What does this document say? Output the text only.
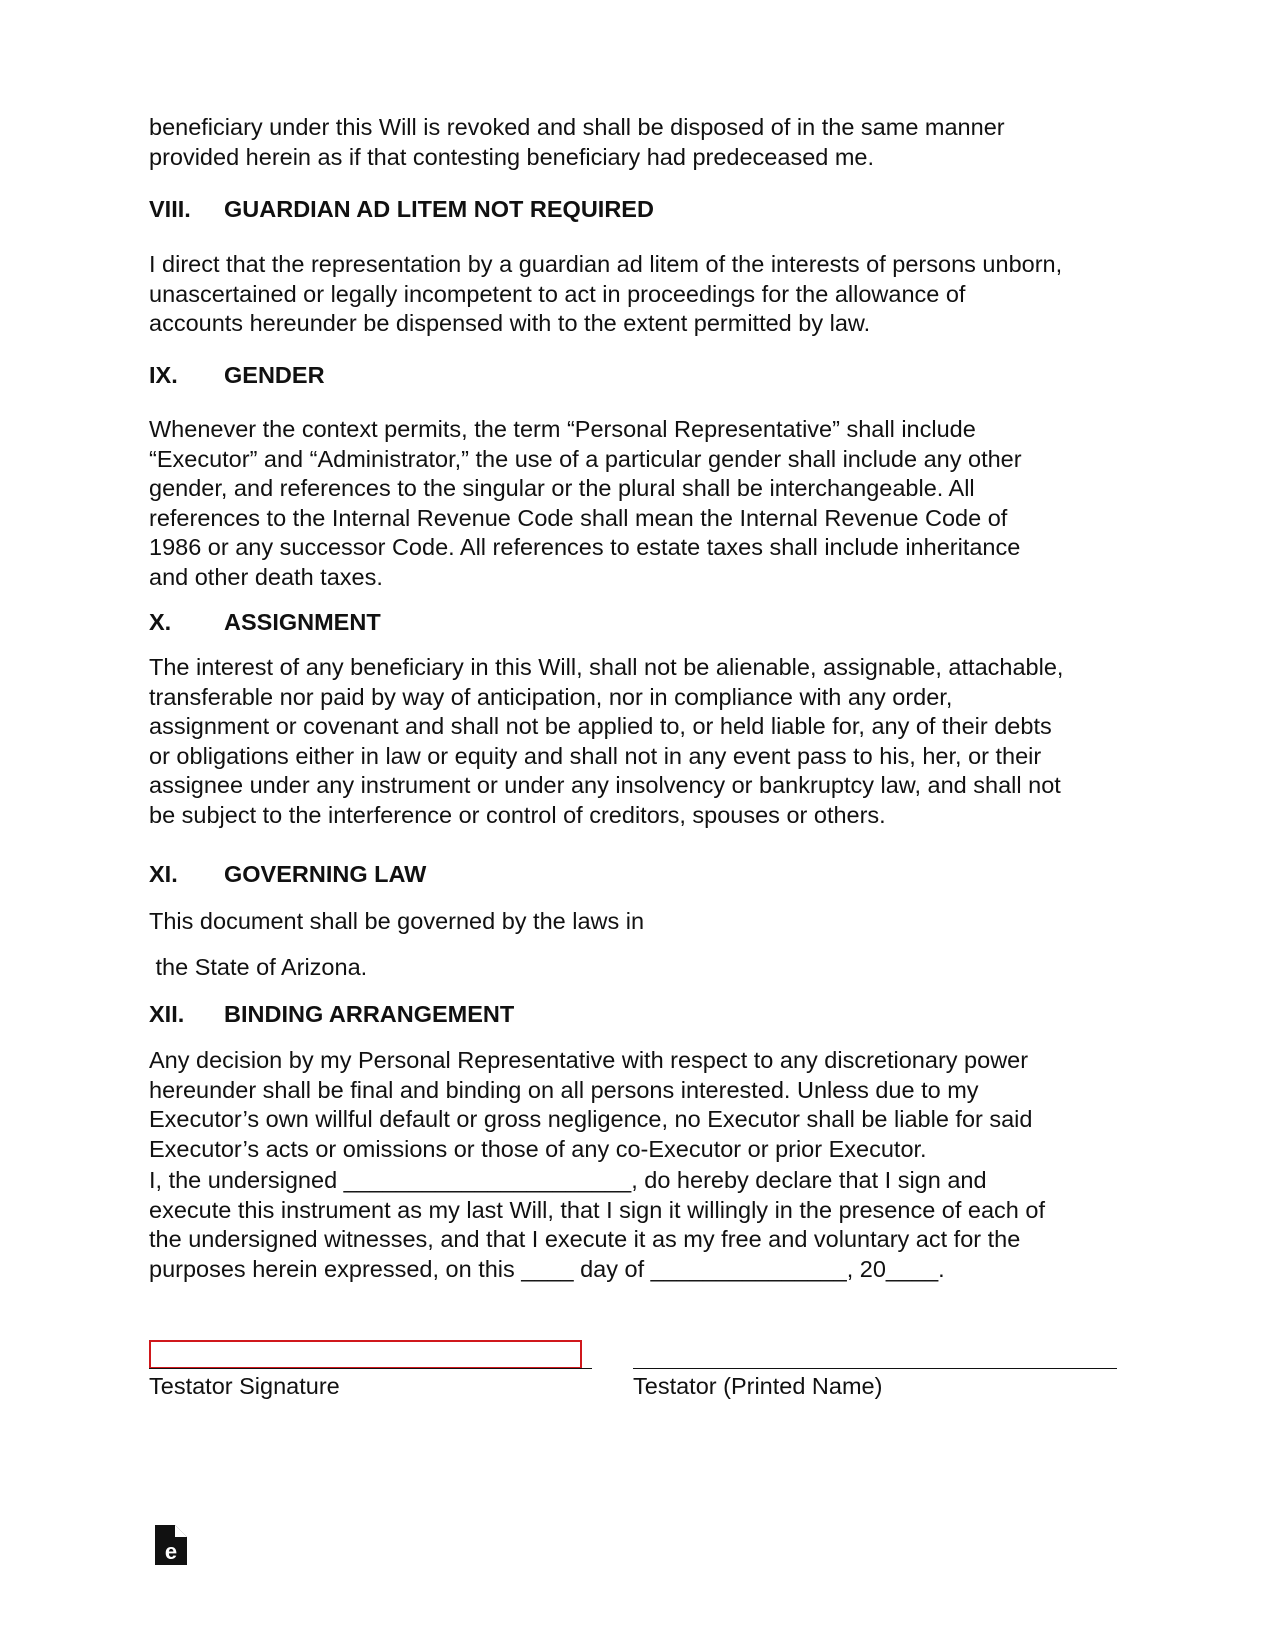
beneficiary under this Will is revoked and shall be disposed of in the same manner
provided herein as if that contesting beneficiary had predeceased me.

VIII. GUARDIAN AD LITEM NOT REQUIRED

I direct that the representation by a guardian ad litem of the interests of persons unborn,
unascertained or legally incompetent to act in proceedings for the allowance of
accounts hereunder be dispensed with to the extent permitted by law.

IX. GENDER

Whenever the context permits, the term “Personal Representative” shall include
“Executor” and “Administrator,” the use of a particular gender shall include any other
gender, and references to the singular or the plural shall be interchangeable. All
references to the Internal Revenue Code shall mean the Internal Revenue Code of
1986 or any successor Code. All references to estate taxes shall include inheritance
and other death taxes.

X. ASSIGNMENT

The interest of any beneficiary in this Will, shall not be alienable, assignable, attachable,
transferable nor paid by way of anticipation, nor in compliance with any order,
assignment or covenant and shall not be applied to, or held liable for, any of their debts
or obligations either in law or equity and shall not in any event pass to his, her, or their
assignee under any instrument or under any insolvency or bankruptcy law, and shall not
be subject to the interference or control of creditors, spouses or others.

XI. GOVERNING LAW

This document shall be governed by the laws in

the State of Arizona.

XII. BINDING ARRANGEMENT

Any decision by my Personal Representative with respect to any discretionary power
hereunder shall be final and binding on all persons interested. Unless due to my
Executor’s own willful default or gross negligence, no Executor shall be liable for said
Executor’s acts or omissions or those of any co-Executor or prior Executor.

I, the undersigned ______________________, do hereby declare that I sign and
execute this instrument as my last Will, that I sign it willingly in the presence of each of
the undersigned witnesses, and that I execute it as my free and voluntary act for the
purposes herein expressed, on this ____ day of _______________, 20____.

Testator Signature	Testator (Printed Name)
e
